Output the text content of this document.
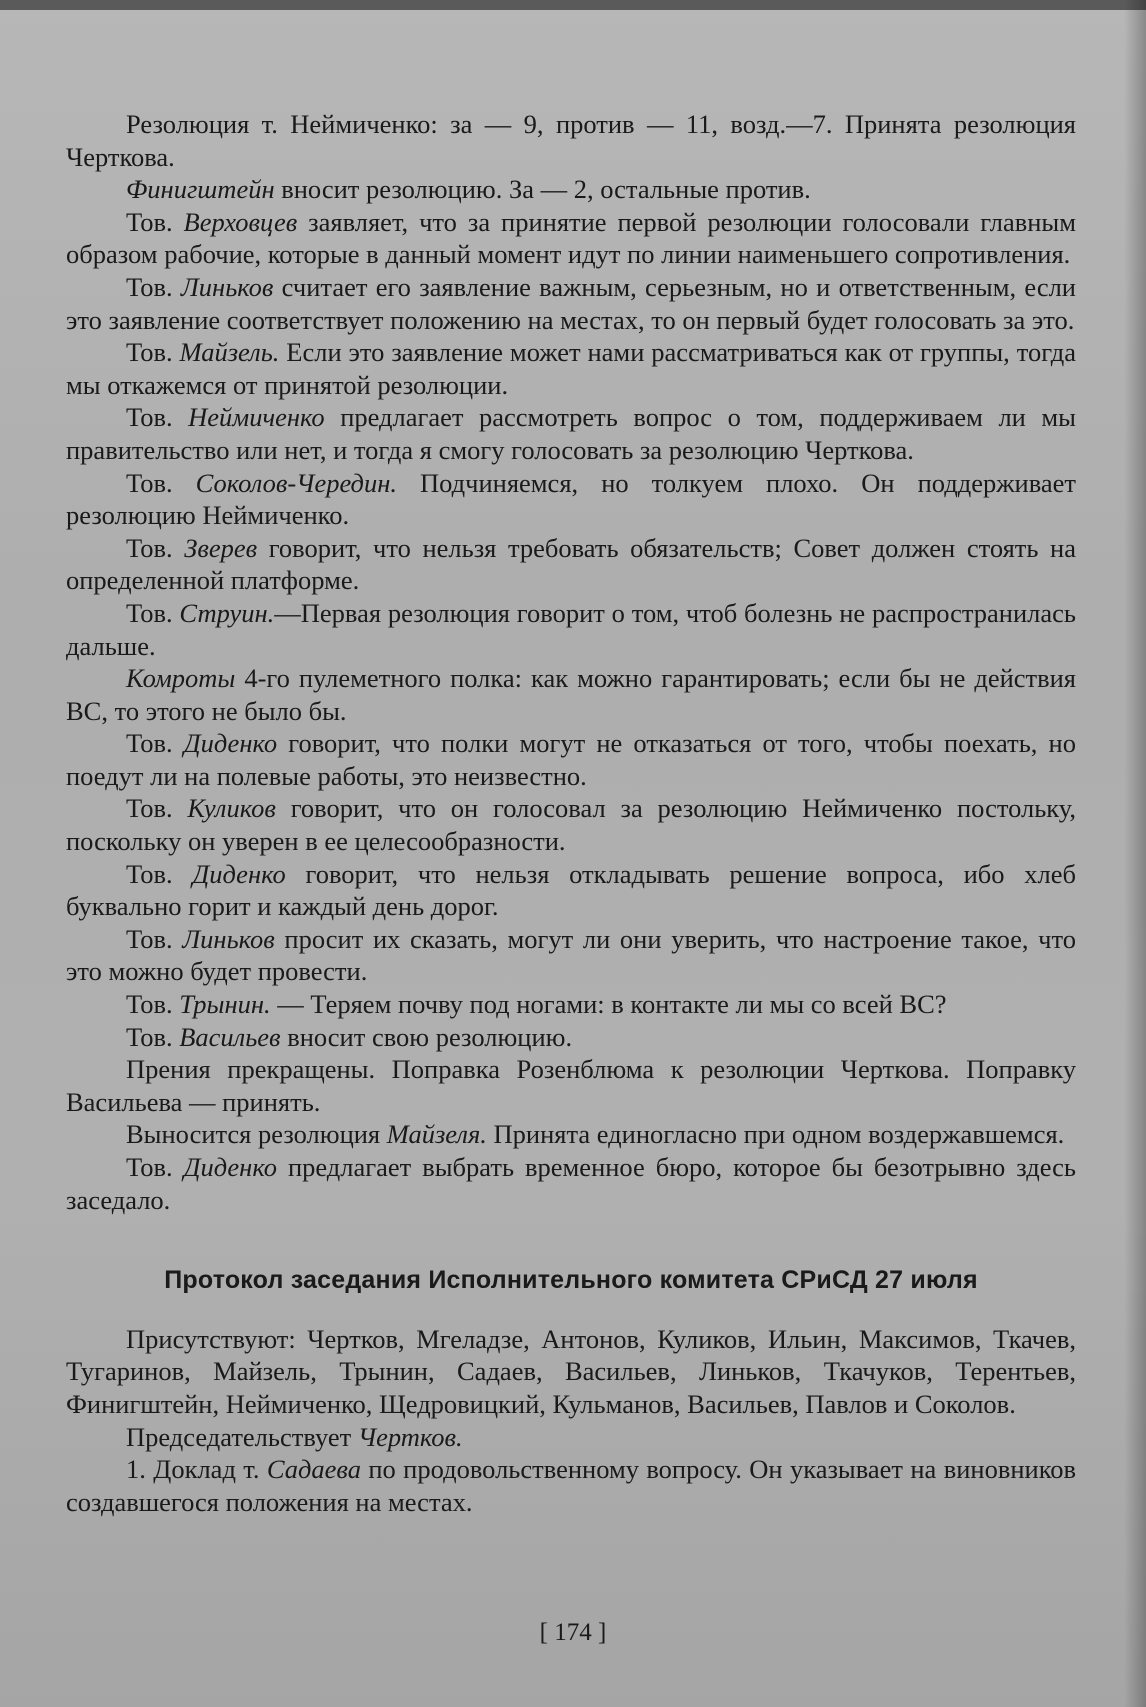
Резолюция т. Неймиченко: за — 9, против — 11, возд.—7. Принята резолюция Черткова.

Финигштейн вносит резолюцию. За — 2, остальные против.

Тов. Верховцев заявляет, что за принятие первой резолюции голосовали главным образом рабочие, которые в данный момент идут по линии наименьшего сопротивления.

Тов. Линьков считает его заявление важным, серьезным, но и ответственным, если это заявление соответствует положению на местах, то он первый будет голосовать за это.

Тов. Майзель. Если это заявление может нами рассматриваться как от группы, тогда мы откажемся от принятой резолюции.

Тов. Неймиченко предлагает рассмотреть вопрос о том, поддерживаем ли мы правительство или нет, и тогда я смогу голосовать за резолюцию Черткова.

Тов. Соколов-Чередин. Подчиняемся, но толкуем плохо. Он поддерживает резолюцию Неймиченко.

Тов. Зверев говорит, что нельзя требовать обязательств; Совет должен стоять на определенной платформе.

Тов. Струин.—Первая резолюция говорит о том, чтоб болезнь не распространилась дальше.

Комроты 4-го пулеметного полка: как можно гарантировать; если бы не действия ВС, то этого не было бы.

Тов. Диденко говорит, что полки могут не отказаться от того, чтобы поехать, но поедут ли на полевые работы, это неизвестно.

Тов. Куликов говорит, что он голосовал за резолюцию Неймиченко постольку, поскольку он уверен в ее целесообразности.

Тов. Диденко говорит, что нельзя откладывать решение вопроса, ибо хлеб буквально горит и каждый день дорог.

Тов. Линьков просит их сказать, могут ли они уверить, что настроение такое, что это можно будет провести.

Тов. Трынин. — Теряем почву под ногами: в контакте ли мы со всей ВС?

Тов. Васильев вносит свою резолюцию.

Прения прекращены. Поправка Розенблюма к резолюции Черткова. Поправку Васильева — принять.

Выносится резолюция Майзеля. Принята единогласно при одном воздержавшемся.

Тов. Диденко предлагает выбрать временное бюро, которое бы безотрывно здесь заседало.

Протокол заседания Исполнительного комитета СРиСД 27 июля

Присутствуют: Чертков, Мгеладзе, Антонов, Куликов, Ильин, Максимов, Ткачев, Тугаринов, Майзель, Трынин, Садаев, Васильев, Линьков, Ткачуков, Терентьев, Финигштейн, Неймиченко, Щедровицкий, Кульманов, Васильев, Павлов и Соколов.

Председательствует Чертков.

1. Доклад т. Садаева по продовольственному вопросу. Он указывает на виновников создавшегося положения на местах.

[ 174 ]
